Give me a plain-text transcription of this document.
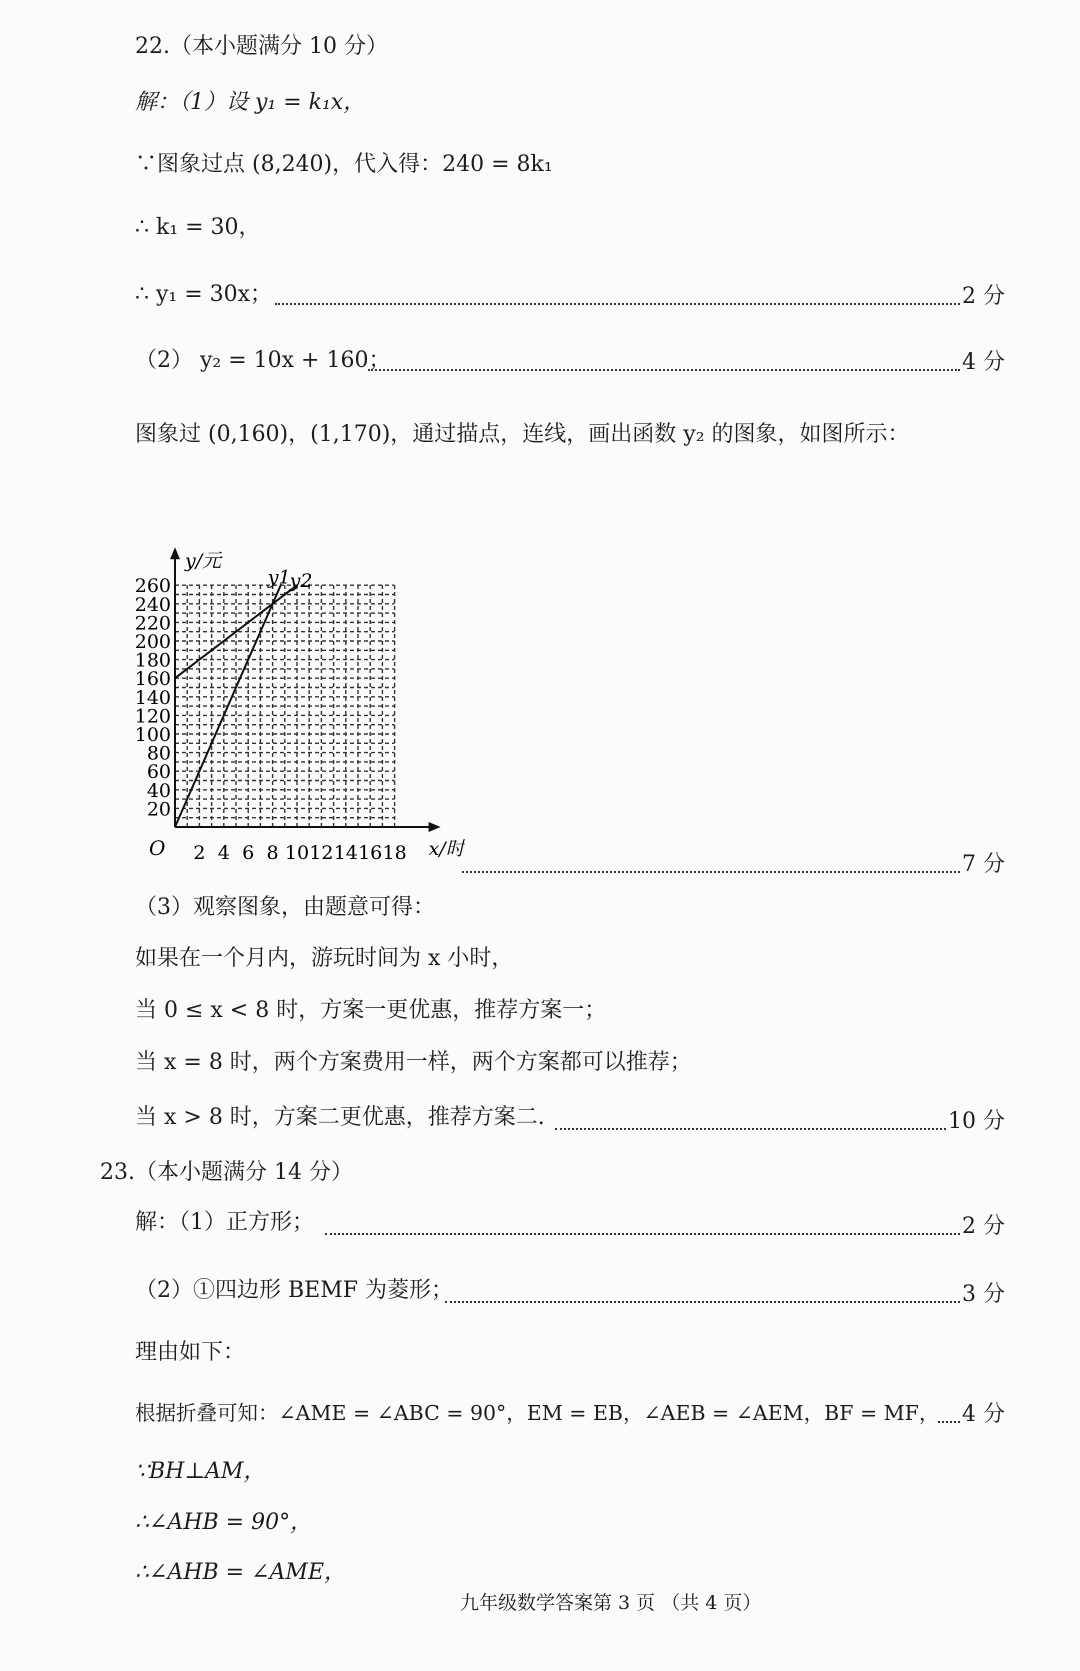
22.（本小题满分 10 分）
解：（1）设 y₁ = k₁x，
∵图象过点 (8,240)，代入得：240 = 8k₁
∴ k₁ = 30，
∴ y₁ = 30x；	2 分
（2） y₂ = 10x + 160；	4 分
图象过 (0,160)，(1,170)，通过描点，连线，画出函数 y₂ 的图象，如图所示：
20
40
60
80
100
120
140
160
180
200
220
240
260
2 4 6 8 10 12 14 16 18
O
y/元
x/时
y1 y2
7 分
（3）观察图象，由题意可得：
如果在一个月内，游玩时间为 x 小时，
当 0 ≤ x < 8 时，方案一更优惠，推荐方案一；
当 x = 8 时，两个方案费用一样，两个方案都可以推荐；
当 x > 8 时，方案二更优惠，推荐方案二.	10 分
23.（本小题满分 14 分）
解：（1）正方形；	2 分
（2）①四边形 BEMF 为菱形；	3 分
理由如下：
根据折叠可知：∠AME = ∠ABC = 90°，EM = EB，∠AEB = ∠AEM，BF = MF， 4 分
∵BH⊥AM，
∴∠AHB = 90°，
∴∠AHB = ∠AME，
九年级数学答案第 3 页 （共 4 页）
